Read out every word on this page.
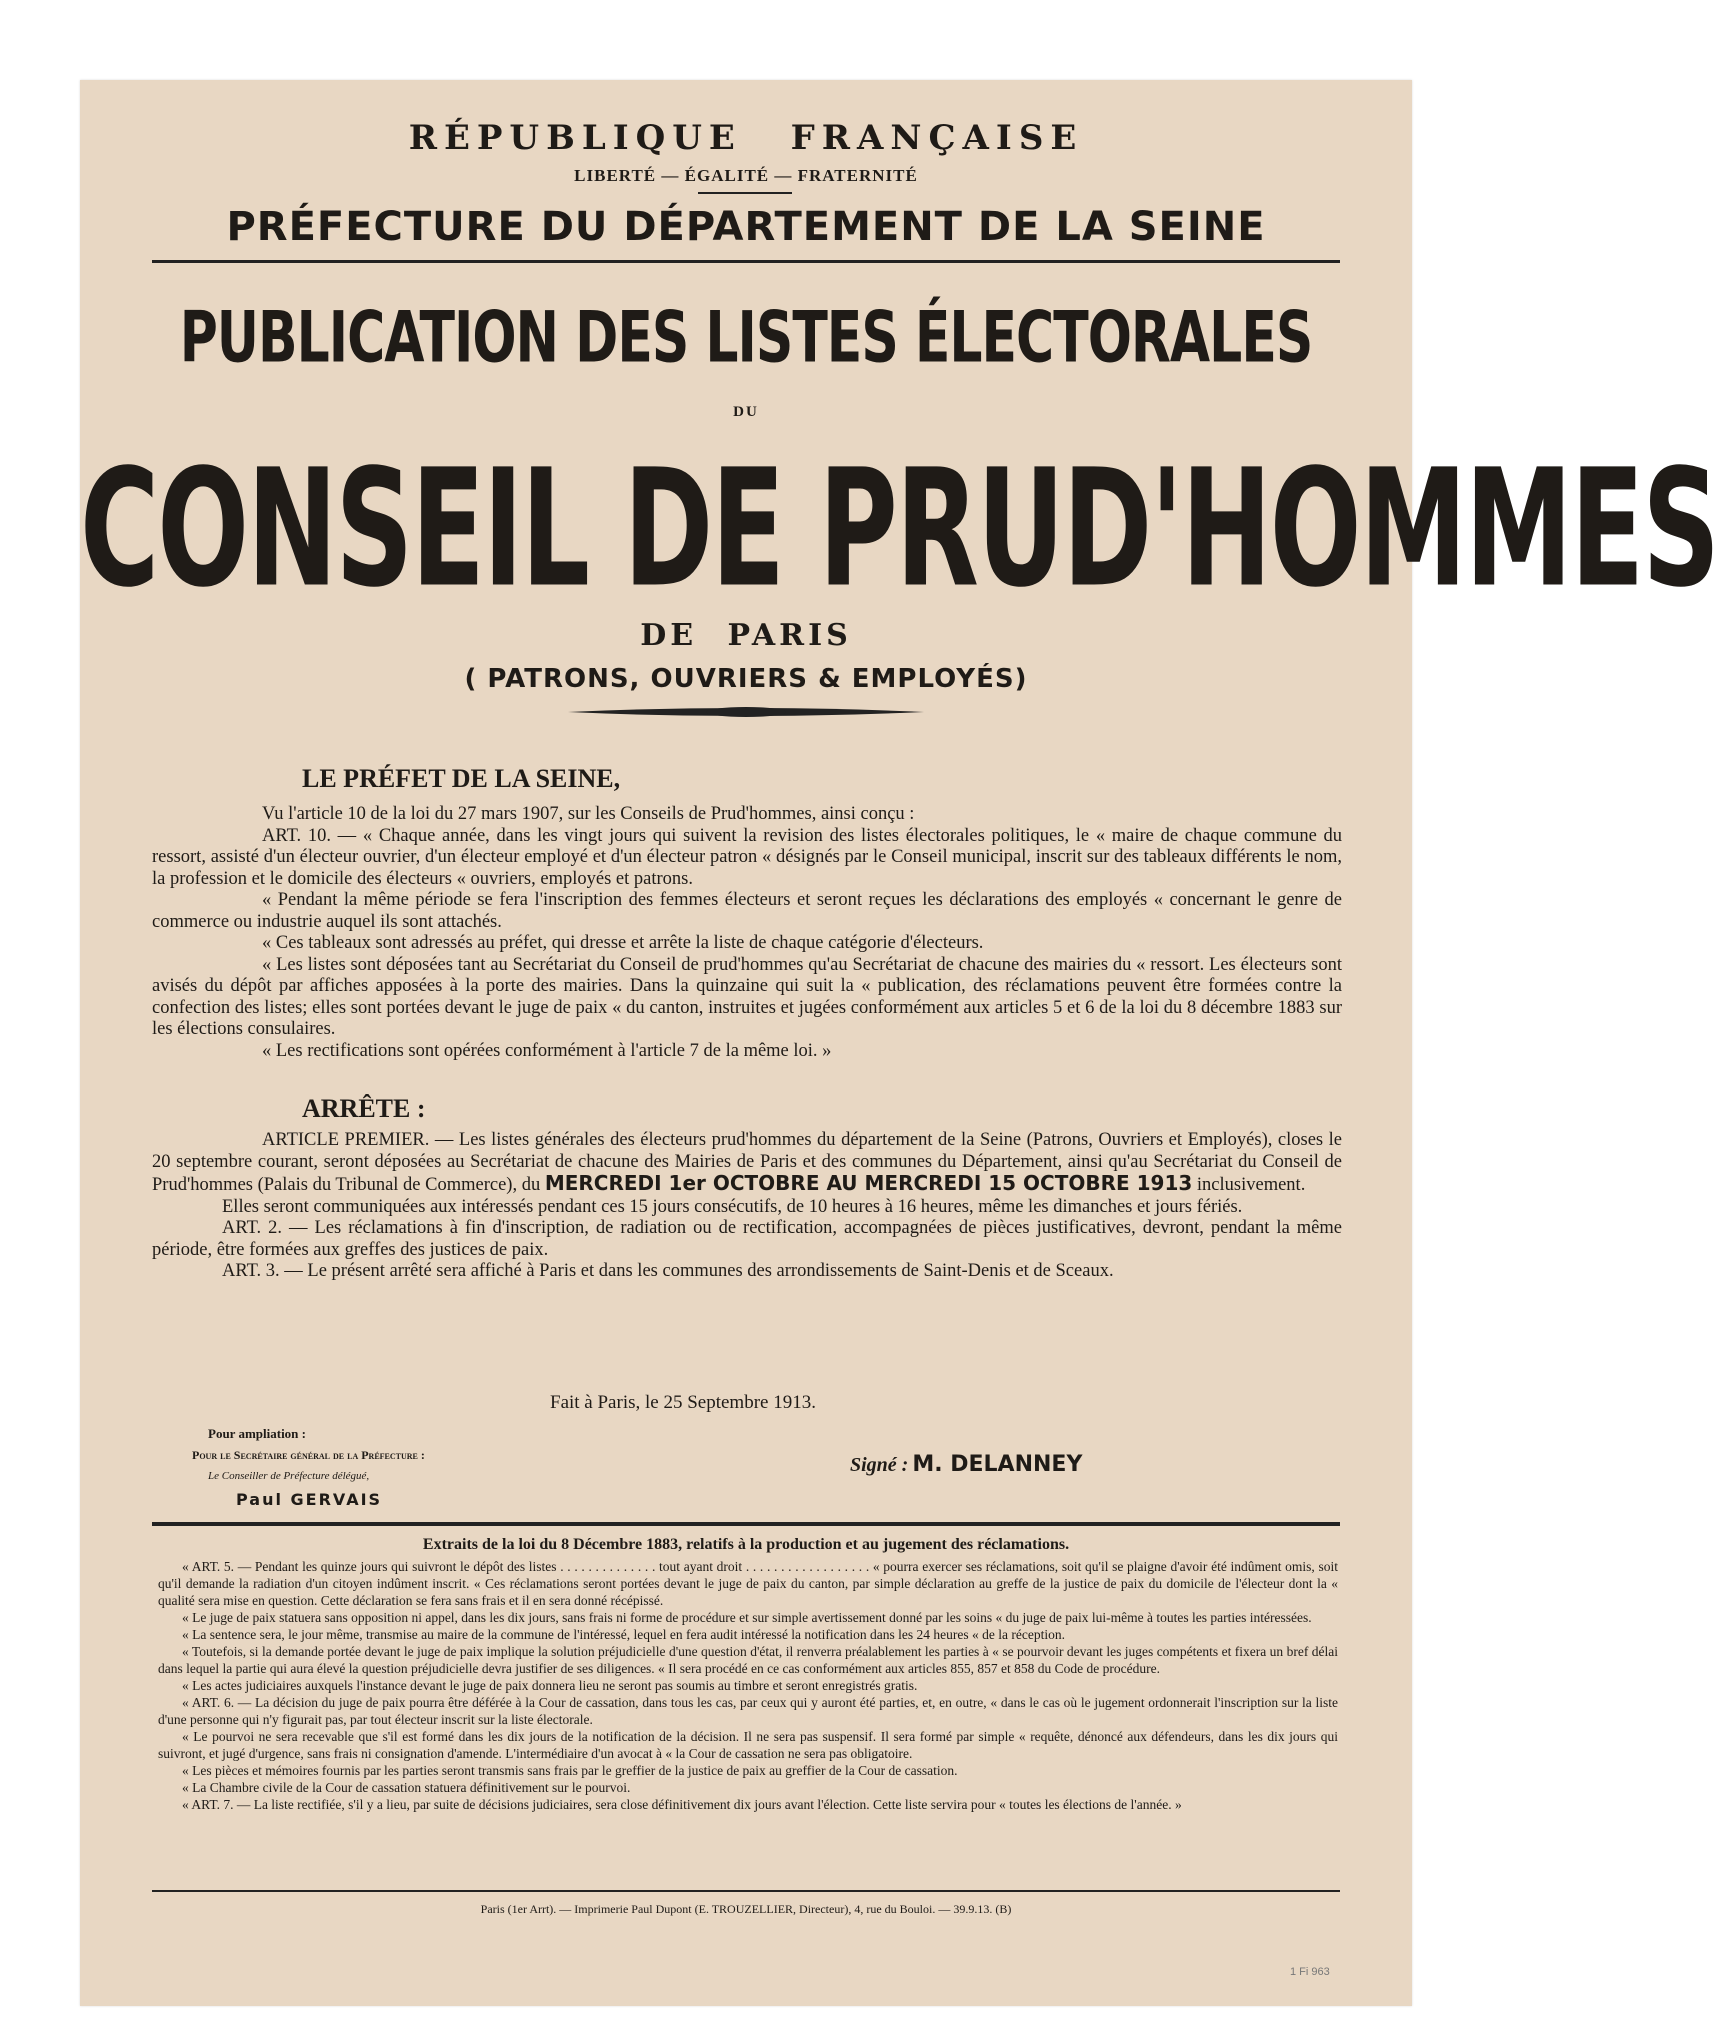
RÉPUBLIQUE FRANÇAISE
LIBERTÉ — ÉGALITÉ — FRATERNITÉ
PRÉFECTURE DU DÉPARTEMENT DE LA SEINE
PUBLICATION DES LISTES ÉLECTORALES
DU
CONSEIL DE PRUD'HOMMES
DE PARIS
( PATRONS, OUVRIERS & EMPLOYÉS)
LE PRÉFET DE LA SEINE,

Vu l'article 10 de la loi du 27 mars 1907, sur les Conseils de Prud'hommes, ainsi conçu :

ART. 10. — « Chaque année, dans les vingt jours qui suivent la revision des listes électorales politiques, le « maire de chaque commune du ressort, assisté d'un électeur ouvrier, d'un électeur employé et d'un électeur patron « désignés par le Conseil municipal, inscrit sur des tableaux différents le nom, la profession et le domicile des électeurs « ouvriers, employés et patrons.

« Pendant la même période se fera l'inscription des femmes électeurs et seront reçues les déclarations des employés « concernant le genre de commerce ou industrie auquel ils sont attachés.

« Ces tableaux sont adressés au préfet, qui dresse et arrête la liste de chaque catégorie d'électeurs.

« Les listes sont déposées tant au Secrétariat du Conseil de prud'hommes qu'au Secrétariat de chacune des mairies du « ressort. Les électeurs sont avisés du dépôt par affiches apposées à la porte des mairies. Dans la quinzaine qui suit la « publication, des réclamations peuvent être formées contre la confection des listes; elles sont portées devant le juge de paix « du canton, instruites et jugées conformément aux articles 5 et 6 de la loi du 8 décembre 1883 sur les élections consulaires.

« Les rectifications sont opérées conformément à l'article 7 de la même loi. »

ARRÊTE :

ARTICLE PREMIER. — Les listes générales des électeurs prud'hommes du département de la Seine (Patrons, Ouvriers et Employés), closes le 20 septembre courant, seront déposées au Secrétariat de chacune des Mairies de Paris et des communes du Département, ainsi qu'au Secrétariat du Conseil de Prud'hommes (Palais du Tribunal de Commerce), du MERCREDI 1er OCTOBRE AU MERCREDI 15 OCTOBRE 1913 inclusivement.

Elles seront communiquées aux intéressés pendant ces 15 jours consécutifs, de 10 heures à 16 heures, même les dimanches et jours fériés.

ART. 2. — Les réclamations à fin d'inscription, de radiation ou de rectification, accompagnées de pièces justificatives, devront, pendant la même période, être formées aux greffes des justices de paix.

ART. 3. — Le présent arrêté sera affiché à Paris et dans les communes des arrondissements de Saint-Denis et de Sceaux.

Fait à Paris, le 25 Septembre 1913.
Pour ampliation :
Pour le Secrétaire général de la Préfecture :
Le Conseiller de Préfecture délégué,
Paul GERVAIS
Signé : M. DELANNEY
Extraits de la loi du 8 Décembre 1883, relatifs à la production et au jugement des réclamations.

« ART. 5. — Pendant les quinze jours qui suivront le dépôt des listes . . . . . . . . . . . . . . tout ayant droit . . . . . . . . . . . . . . . . . . « pourra exercer ses réclamations, soit qu'il se plaigne d'avoir été indûment omis, soit qu'il demande la radiation d'un citoyen indûment inscrit. « Ces réclamations seront portées devant le juge de paix du canton, par simple déclaration au greffe de la justice de paix du domicile de l'électeur dont la « qualité sera mise en question. Cette déclaration se fera sans frais et il en sera donné récépissé.

« Le juge de paix statuera sans opposition ni appel, dans les dix jours, sans frais ni forme de procédure et sur simple avertissement donné par les soins « du juge de paix lui-même à toutes les parties intéressées.

« La sentence sera, le jour même, transmise au maire de la commune de l'intéressé, lequel en fera audit intéressé la notification dans les 24 heures « de la réception.

« Toutefois, si la demande portée devant le juge de paix implique la solution préjudicielle d'une question d'état, il renverra préalablement les parties à « se pourvoir devant les juges compétents et fixera un bref délai dans lequel la partie qui aura élevé la question préjudicielle devra justifier de ses diligences. « Il sera procédé en ce cas conformément aux articles 855, 857 et 858 du Code de procédure.

« Les actes judiciaires auxquels l'instance devant le juge de paix donnera lieu ne seront pas soumis au timbre et seront enregistrés gratis.

« ART. 6. — La décision du juge de paix pourra être déférée à la Cour de cassation, dans tous les cas, par ceux qui y auront été parties, et, en outre, « dans le cas où le jugement ordonnerait l'inscription sur la liste d'une personne qui n'y figurait pas, par tout électeur inscrit sur la liste électorale.

« Le pourvoi ne sera recevable que s'il est formé dans les dix jours de la notification de la décision. Il ne sera pas suspensif. Il sera formé par simple « requête, dénoncé aux défendeurs, dans les dix jours qui suivront, et jugé d'urgence, sans frais ni consignation d'amende. L'intermédiaire d'un avocat à « la Cour de cassation ne sera pas obligatoire.

« Les pièces et mémoires fournis par les parties seront transmis sans frais par le greffier de la justice de paix au greffier de la Cour de cassation.

« La Chambre civile de la Cour de cassation statuera définitivement sur le pourvoi.

« ART. 7. — La liste rectifiée, s'il y a lieu, par suite de décisions judiciaires, sera close définitivement dix jours avant l'élection. Cette liste servira pour « toutes les élections de l'année. »

Paris (1er Arrt). — Imprimerie Paul Dupont (E. TROUZELLIER, Directeur), 4, rue du Bouloi. — 39.9.13. (B)
1 Fi 963
